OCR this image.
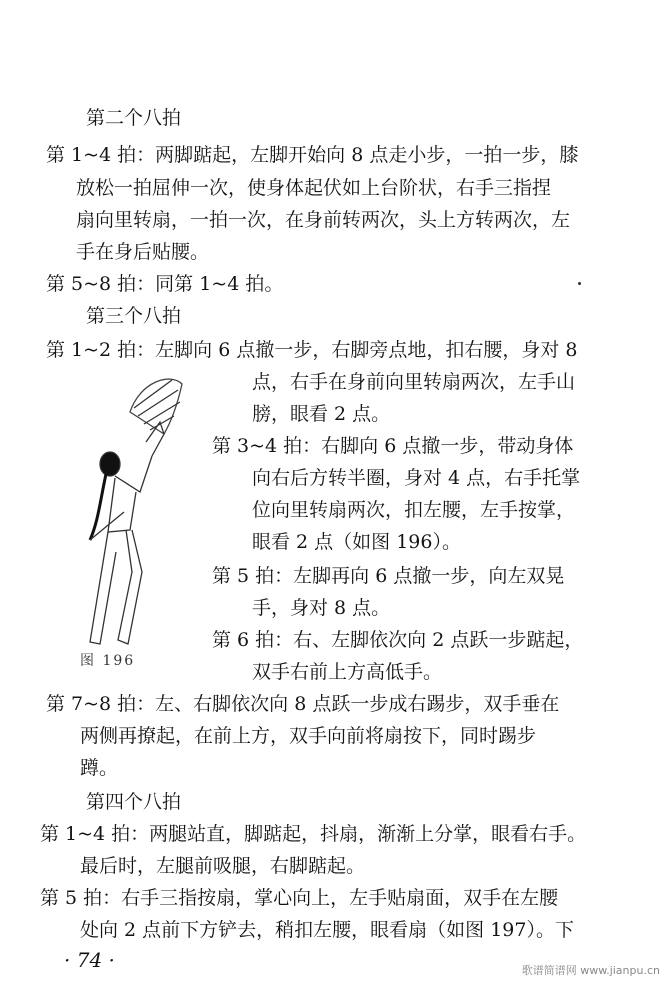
第二个八拍
第 1~4 拍：两脚踮起，左脚开始向 8 点走小步，一拍一步，膝
放松一拍屈伸一次，使身体起伏如上台阶状，右手三指捏
扇向里转扇，一拍一次，在身前转两次，头上方转两次，左
手在身后贴腰。
第 5~8 拍：同第 1~4 拍。
第三个八拍
第 1~2 拍：左脚向 6 点撤一步，右脚旁点地，扣右腰，身对 8
点，右手在身前向里转扇两次，左手山
膀，眼看 2 点。
第 3~4 拍：右脚向 6 点撤一步，带动身体
向右后方转半圈，身对 4 点，右手托掌
位向里转扇两次，扣左腰，左手按掌，
眼看 2 点（如图 196）。
第 5 拍：左脚再向 6 点撤一步，向左双晃
手，身对 8 点。
第 6 拍：右、左脚依次向 2 点跃一步踮起，
双手右前上方高低手。
图 196
第 7~8 拍：左、右脚依次向 8 点跃一步成右踢步，双手垂在
两侧再撩起，在前上方，双手向前将扇按下，同时踢步
蹲。
第四个八拍
第 1~4 拍：两腿站直，脚踮起，抖扇，渐渐上分掌，眼看右手。
最后时，左腿前吸腿，右脚踮起。
第 5 拍：右手三指按扇，掌心向上，左手贴扇面，双手在左腰
处向 2 点前下方铲去，稍扣左腰，眼看扇（如图 197）。下
· 74 ·	歌谱简谱网 www.jianpu.cn
